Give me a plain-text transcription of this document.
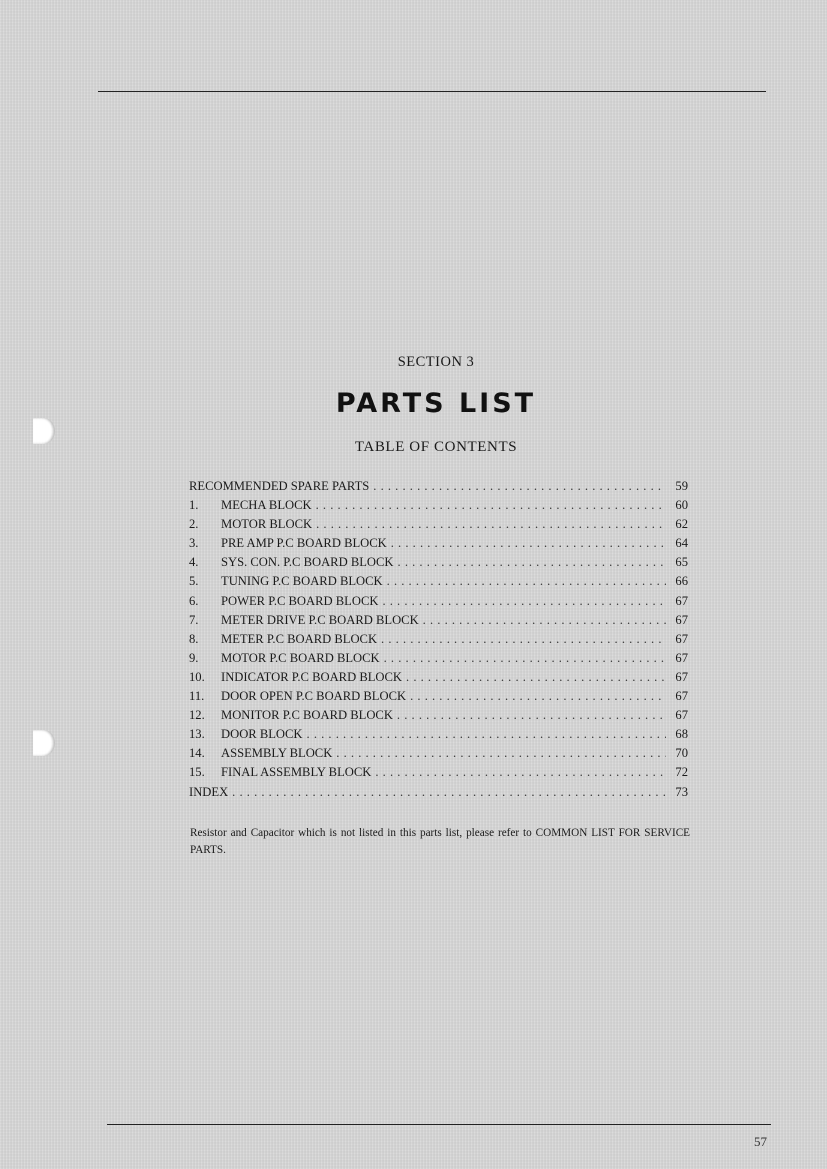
SECTION 3
PARTS LIST
TABLE OF CONTENTS
RECOMMENDED SPARE PARTS . . .	59
1.	MECHA BLOCK . . .	60
2.	MOTOR BLOCK . . .	62
3.	PRE AMP P.C BOARD BLOCK . . .	64
4.	SYS. CON. P.C BOARD BLOCK . . .	65
5.	TUNING P.C BOARD BLOCK . . .	66
6.	POWER P.C BOARD BLOCK . . .	67
7.	METER DRIVE P.C BOARD BLOCK . . .	67
8.	METER P.C BOARD BLOCK . . .	67
9.	MOTOR P.C BOARD BLOCK . . .	67
10.	INDICATOR P.C BOARD BLOCK . . .	67
11.	DOOR OPEN P.C BOARD BLOCK . . .	67
12.	MONITOR P.C BOARD BLOCK . . .	67
13.	DOOR BLOCK . . .	68
14.	ASSEMBLY BLOCK . . .	70
15.	FINAL ASSEMBLY BLOCK . . .	72
INDEX . . .	73
Resistor and Capacitor which is not listed in this parts list, please refer to COMMON LIST FOR SERVICE PARTS.
57
